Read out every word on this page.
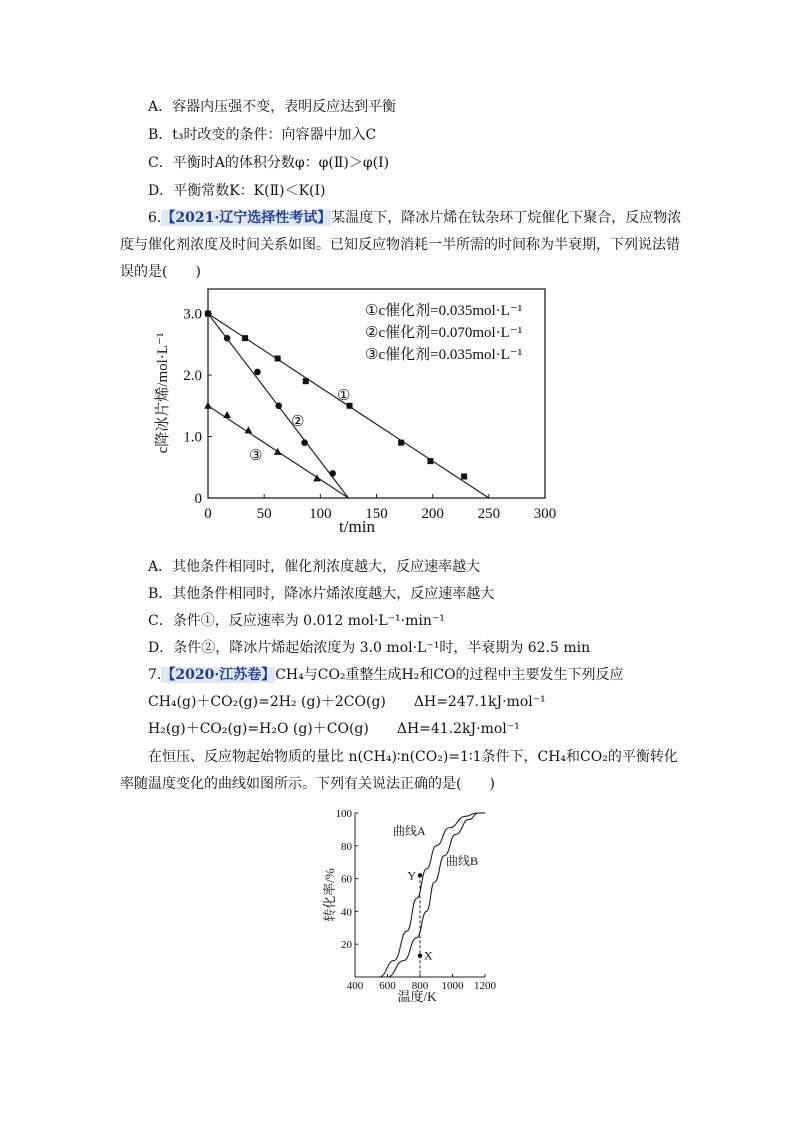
A．容器内压强不变，表明反应达到平衡
B．t₃时改变的条件：向容器中加入C
C．平衡时A的体积分数φ：φ(Ⅱ)＞φ(Ⅰ)
D．平衡常数K：K(Ⅱ)＜K(Ⅰ)
6.【2021·辽宁选择性考试】某温度下，降冰片烯在钛杂环丁烷催化下聚合，反应物浓
度与催化剂浓度及时间关系如图。已知反应物消耗一半所需的时间称为半衰期，下列说法错
误的是(　　)
0	50 100 150 200 250 300
0
1.0
2.0
3.0	①c催化剂=0.035mol·L⁻¹
②c催化剂=0.070mol·L⁻¹
③c催化剂=0.035mol·L⁻¹
①
②
③
t/min
c降冰片烯/mol·L⁻¹
A．其他条件相同时，催化剂浓度越大，反应速率越大
B．其他条件相同时，降冰片烯浓度越大，反应速率越大
C．条件①，反应速率为 0.012 mol·L⁻¹·min⁻¹
D．条件②，降冰片烯起始浓度为 3.0 mol·L⁻¹时，半衰期为 62.5 min
7.【2020·江苏卷】CH₄与CO₂重整生成H₂和CO的过程中主要发生下列反应
CH₄(g)＋CO₂(g)=2H₂ (g)＋2CO(g)　　ΔH=247.1kJ·mol⁻¹
H₂(g)＋CO₂(g)=H₂O (g)＋CO(g)　　ΔH=41.2kJ·mol⁻¹
在恒压、反应物起始物质的量比 n(CH₄)∶n(CO₂)=1∶1条件下，CH₄和CO₂的平衡转化
率随温度变化的曲线如图所示。下列有关说法正确的是(　　)
400 600 800 1000 1200
20
40
60
80
100
Y
X
曲线A
曲线B
温度/K
转化率/%
